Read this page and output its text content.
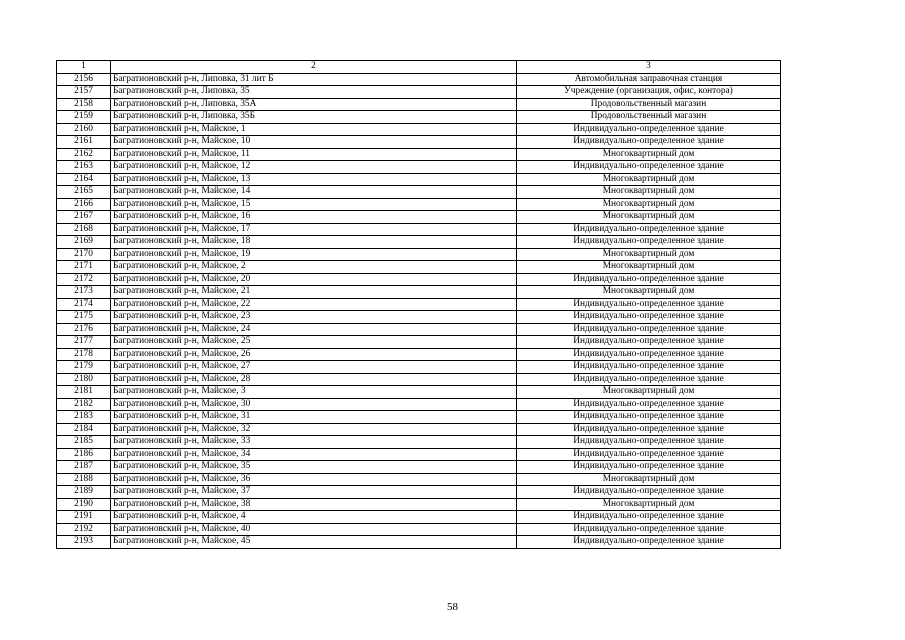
1	2	3
2156	Багратионовский р-н, Липовка, 31 лит Б	Автомобильная заправочная станция
2157	Багратионовский р-н, Липовка, 35	Учреждение (организация, офис, контора)
2158	Багратионовский р-н, Липовка, 35А	Продовольственный магазин
2159	Багратионовский р-н, Липовка, 35Б	Продовольственный магазин
2160	Багратионовский р-н, Майское, 1	Индивидуально-определенное здание
2161	Багратионовский р-н, Майское, 10	Индивидуально-определенное здание
2162	Багратионовский р-н, Майское, 11	Многоквартирный дом
2163	Багратионовский р-н, Майское, 12	Индивидуально-определенное здание
2164	Багратионовский р-н, Майское, 13	Многоквартирный дом
2165	Багратионовский р-н, Майское, 14	Многоквартирный дом
2166	Багратионовский р-н, Майское, 15	Многоквартирный дом
2167	Багратионовский р-н, Майское, 16	Многоквартирный дом
2168	Багратионовский р-н, Майское, 17	Индивидуально-определенное здание
2169	Багратионовский р-н, Майское, 18	Индивидуально-определенное здание
2170	Багратионовский р-н, Майское, 19	Многоквартирный дом
2171	Багратионовский р-н, Майское, 2	Многоквартирный дом
2172	Багратионовский р-н, Майское, 20	Индивидуально-определенное здание
2173	Багратионовский р-н, Майское, 21	Многоквартирный дом
2174	Багратионовский р-н, Майское, 22	Индивидуально-определенное здание
2175	Багратионовский р-н, Майское, 23	Индивидуально-определенное здание
2176	Багратионовский р-н, Майское, 24	Индивидуально-определенное здание
2177	Багратионовский р-н, Майское, 25	Индивидуально-определенное здание
2178	Багратионовский р-н, Майское, 26	Индивидуально-определенное здание
2179	Багратионовский р-н, Майское, 27	Индивидуально-определенное здание
2180	Багратионовский р-н, Майское, 28	Индивидуально-определенное здание
2181	Багратионовский р-н, Майское, 3	Многоквартирный дом
2182	Багратионовский р-н, Майское, 30	Индивидуально-определенное здание
2183	Багратионовский р-н, Майское, 31	Индивидуально-определенное здание
2184	Багратионовский р-н, Майское, 32	Индивидуально-определенное здание
2185	Багратионовский р-н, Майское, 33	Индивидуально-определенное здание
2186	Багратионовский р-н, Майское, 34	Индивидуально-определенное здание
2187	Багратионовский р-н, Майское, 35	Индивидуально-определенное здание
2188	Багратионовский р-н, Майское, 36	Многоквартирный дом
2189	Багратионовский р-н, Майское, 37	Индивидуально-определенное здание
2190	Багратионовский р-н, Майское, 38	Многоквартирный дом
2191	Багратионовский р-н, Майское, 4	Индивидуально-определенное здание
2192	Багратионовский р-н, Майское, 40	Индивидуально-определенное здание
2193	Багратионовский р-н, Майское, 45	Индивидуально-определенное здание
58
